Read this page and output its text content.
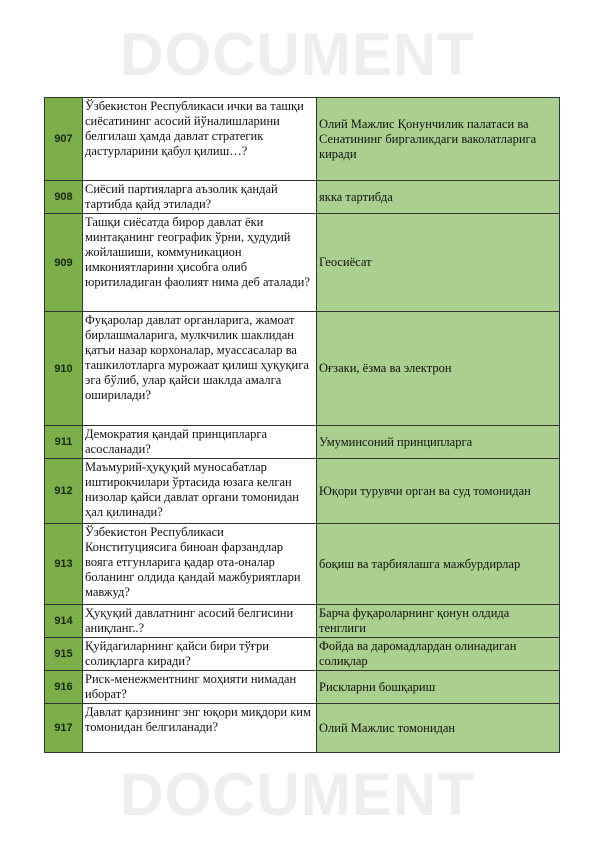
DOCUMENT
DOCUMENT
907	Ўзбекистон Республикаси ички ва ташқи сиёсатининг асосий йўналишларини белгилаш ҳамда давлат стратегик дастурларини қабул қилиш…?	Олий Мажлис Қонунчилик палатаси ва Сенатининг биргаликдаги ваколатларига киради
908	Сиёсий партияларга аъзолик қандай тартибда қайд этилади?	якка тартибда
909	Ташқи сиёсатда бирор давлат ёки минтақанинг географик ўрни, ҳудудий жойлашиши, коммуникацион имкониятларини ҳисобга олиб юритиладиган фаолият нима деб аталади?	Геосиёсат
910	Фуқаролар давлат органларига, жамоат бирлашмаларига, мулкчилик шаклидан қатъи назар корхоналар, муассасалар ва ташкилотларга мурожаат қилиш ҳуқуқига эга бўлиб, улар қайси шаклда амалга оширилади?	Оғзаки, ёзма ва электрон
911	Демократия қандай принципларга асосланади?	Умуминсоний принципларга
912	Маъмурий-ҳуқуқий муносабатлар иштирокчилари ўртасида юзага келган низолар қайси давлат органи томонидан ҳал қилинади?	Юқори турувчи орган ва суд томонидан
913	Ўзбекистон Республикаси Конституциясига биноан фарзандлар вояга етгунларига қадар ота-оналар боланинг олдида қандай мажбуриятлари мавжуд?	боқиш ва тарбиялашга мажбурдирлар
914	Ҳуқуқий давлатнинг асосий белгисини аниқланг..?	Барча фуқароларнинг қонун олдида тенглиги
915	Қуйдагиларнинг қайси бири тўғри солиқларга киради?	Фойда ва даромадлардан олинадиган солиқлар
916	Риск-менежментнинг моҳияти нимадан иборат?	Рискларни бошқариш
917	Давлат қарзининг энг юқори миқдори ким томонидан белгиланади?	Олий Мажлис томонидан
